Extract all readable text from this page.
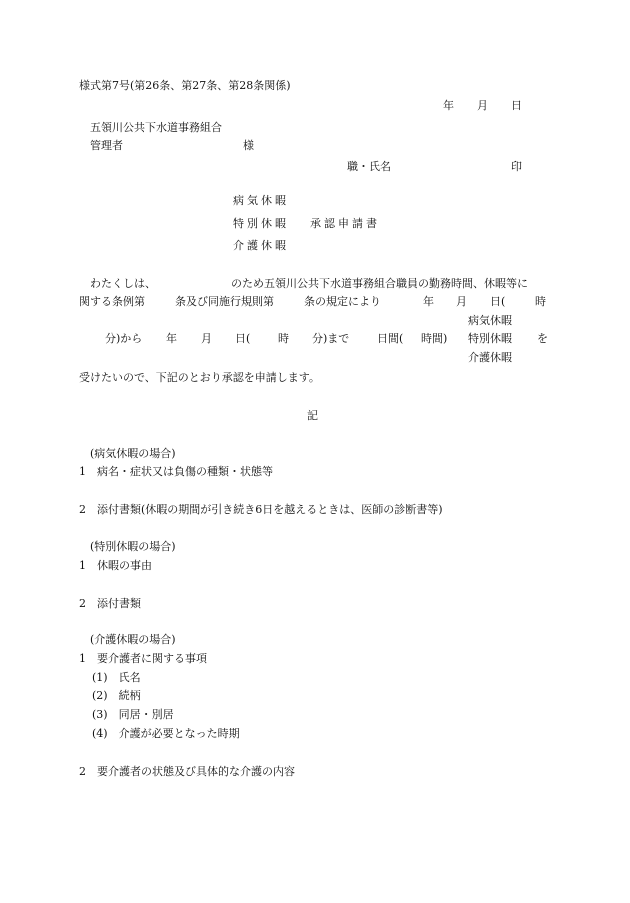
様式第7号(第26条、第27条、第28条関係)
年 月 日
五領川公共下水道事務組合
管理者	様
職・氏名	印
病気休暇
特別休暇 承認申請書
介護休暇
わたくしは、	のため五領川公共下水道事務組合職員の勤務時間、休暇等に
関する条例第	条及び同施行規則第	条の規定により	年 月 日(	時
病気休暇
分)から 年 月 日(	時 分)まで	日間( 時間) 特別休暇 を
介護休暇
受けたいので、下記のとおり承認を申請します。
記
(病気休暇の場合)
1　病名・症状又は負傷の種類・状態等
2　添付書類(休暇の期間が引き続き6日を越えるときは、医師の診断書等)
(特別休暇の場合)
1　休暇の事由
2　添付書類
(介護休暇の場合)
1　要介護者に関する事項
(1)　氏名
(2)　続柄
(3)　同居・別居
(4)　介護が必要となった時期
2　要介護者の状態及び具体的な介護の内容
